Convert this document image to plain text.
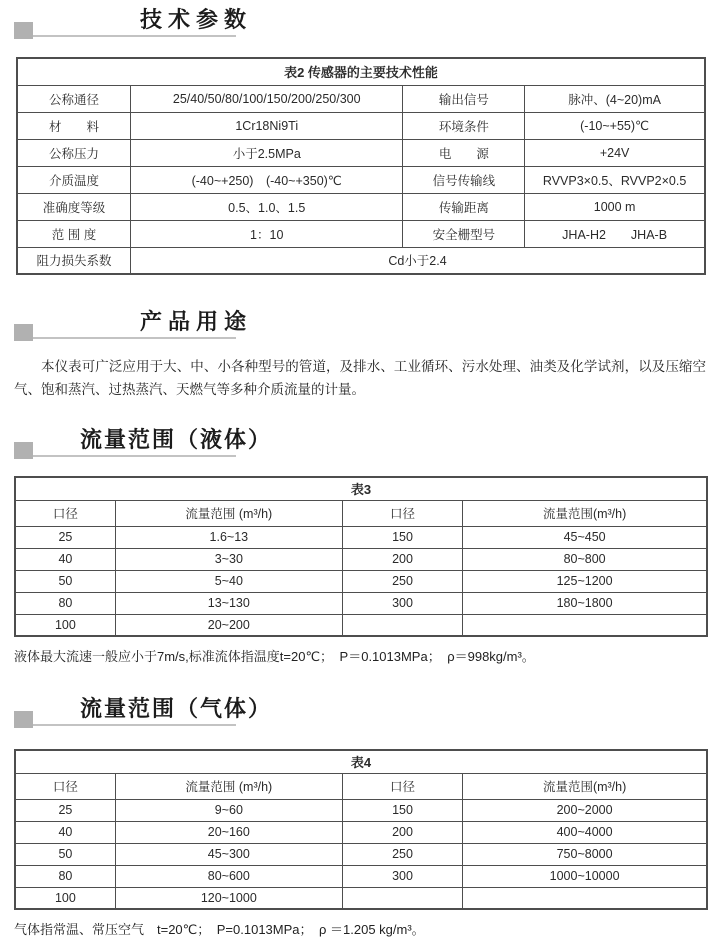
技术参数
表2 传感器的主要技术性能			
公称通径	25/40/50/80/100/150/200/250/300	输出信号	脉冲、(4~20)mA
材　　料	1Cr18Ni9Ti	环境条件	(-10~+55)℃
公称压力	小于2.5MPa	电　　源	+24V
介质温度	(-40~+250)　(-40~+350)℃	信号传输线	RVVP3×0.5、RVVP2×0.5
准确度等级	0.5、1.0、1.5	传输距离	1000 m
范 围 度	1：10	安全栅型号	JHA-H2　　JHA-B
阻力损失系数	Cd小于2.4		
产品用途

本仪表可广泛应用于大、中、小各种型号的管道，及排水、工业循环、污水处理、油类及化学试剂，以及压缩空气、饱和蒸汽、过热蒸汽、天燃气等多种介质流量的计量。

流量范围（液体）
表3			
口径	流量范围 (m³/h)	口径	流量范围(m³/h)
25	1.6~13	150	45~450
40	3~30	200	80~800
50	5~40	250	125~1200
80	13~130	300	180~1800
100	20~200		
液体最大流速一般应小于7m/s,标准流体指温度t=20℃；　P＝0.1013MPa；　ρ＝998kg/m³。
流量范围（气体）
表4			
口径	流量范围 (m³/h)	口径	流量范围(m³/h)
25	9~60	150	200~2000
40	20~160	200	400~4000
50	45~300	250	750~8000
80	80~600	300	1000~10000
100	120~1000		
气体指常温、常压空气　t=20℃；　P=0.1013MPa；　ρ ＝1.205 kg/m³。
